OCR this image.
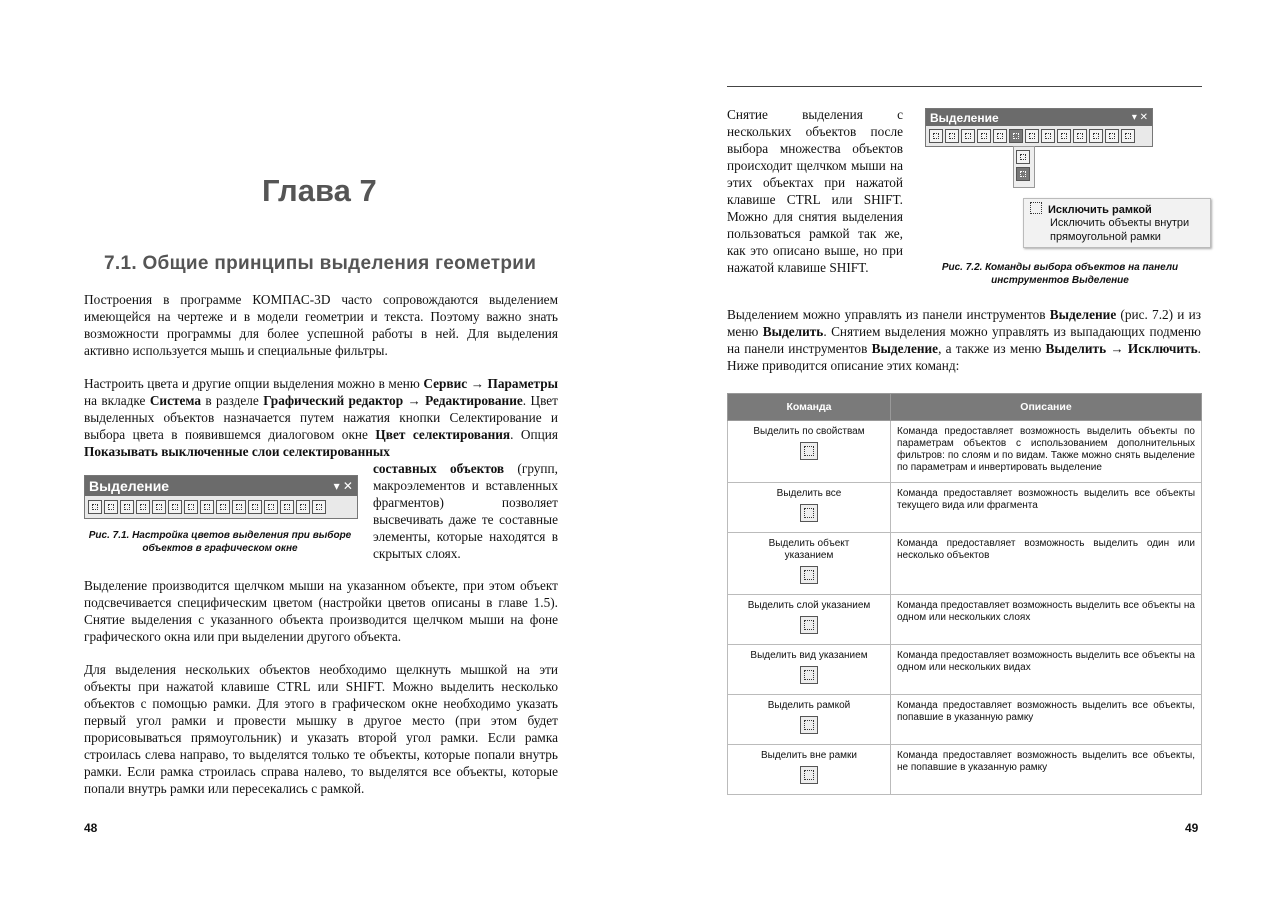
Глава 7
7.1. Общие принципы выделения геометрии

Построения в программе КОМПАС-3D часто сопровождаются выделением имеющейся на чертеже и в модели геометрии и текста. Поэтому важно знать возможности программы для более успешной работы в ней. Для выделения активно используется мышь и специальные фильтры.

Настроить цвета и другие опции выделения можно в меню Сервис → Параметры на вкладке Система в разделе Графический редактор → Редактирование. Цвет выделенных объектов назначается путем нажатия кнопки Селектирование и выбора цвета в появившемся диалоговом окне Цвет селектирования. Опция Показывать выключенные слои селектированных

Выделение	▾ ✕
Рис. 7.1. Настройка цветов выделения при выборе объектов в графическом окне

составных объектов (групп, макроэлементов и вставленных фрагментов) позволяет высвечивать даже те составные элементы, которые находятся в скрытых слоях.

Выделение производится щелчком мыши на указанном объекте, при этом объект подсвечивается специфическим цветом (настройки цветов описаны в главе 1.5). Снятие выделения с указанного объекта производится щелчком мыши на фоне графического окна или при выделении другого объекта.

Для выделения нескольких объектов необходимо щелкнуть мышкой на эти объекты при нажатой клавише CTRL или SHIFT. Можно выделить несколько объектов с помощью рамки. Для этого в графическом окне необходимо указать первый угол рамки и провести мышку в другое место (при этом будет прорисовываться прямоугольник) и указать второй угол рамки. Если рамка строилась слева направо, то выделятся только те объекты, которые попали внутрь рамки. Если рамка строилась справа налево, то выделятся все объекты, которые попали внутрь рамки или пересекались с рамкой.

48

Снятие выделения с нескольких объектов после выбора множества объектов происходит щелчком мыши на этих объектах при нажатой клавише CTRL или SHIFT. Можно для снятия выделения пользоваться рамкой так же, как это описано выше, но при нажатой клавише SHIFT.

Выделение	▾ ✕
Исключить рамкой
Исключить объекты внутри прямоугольной рамки
Рис. 7.2. Команды выбора объектов на панели инструментов Выделение

Выделением можно управлять из панели инструментов Выделение (рис. 7.2) и из меню Выделить. Снятием выделения можно управлять из выпадающих подменю на панели инструментов Выделение, а также из меню Выделить → Исключить. Ниже приводится описание этих команд:

Команда	Описание

Выделить по свойствам	Команда предоставляет возможность выделить объекты по параметрам объектов с использованием дополнительных фильтров: по слоям и по видам. Также можно снять выделение по параметрам и инвертировать выделение

Выделить все	Команда предоставляет возможность выделить все объекты текущего вида или фрагмента

Выделить объект указанием	Команда предоставляет возможность выделить один или несколько объектов

Выделить слой указанием	Команда предоставляет возможность выделить все объекты на одном или нескольких слоях

Выделить вид указанием	Команда предоставляет возможность выделить все объекты на одном или нескольких видах

Выделить рамкой	Команда предоставляет возможность выделить все объекты, попавшие в указанную рамку

Выделить вне рамки	Команда предоставляет возможность выделить все объекты, не попавшие в указанную рамку
49
